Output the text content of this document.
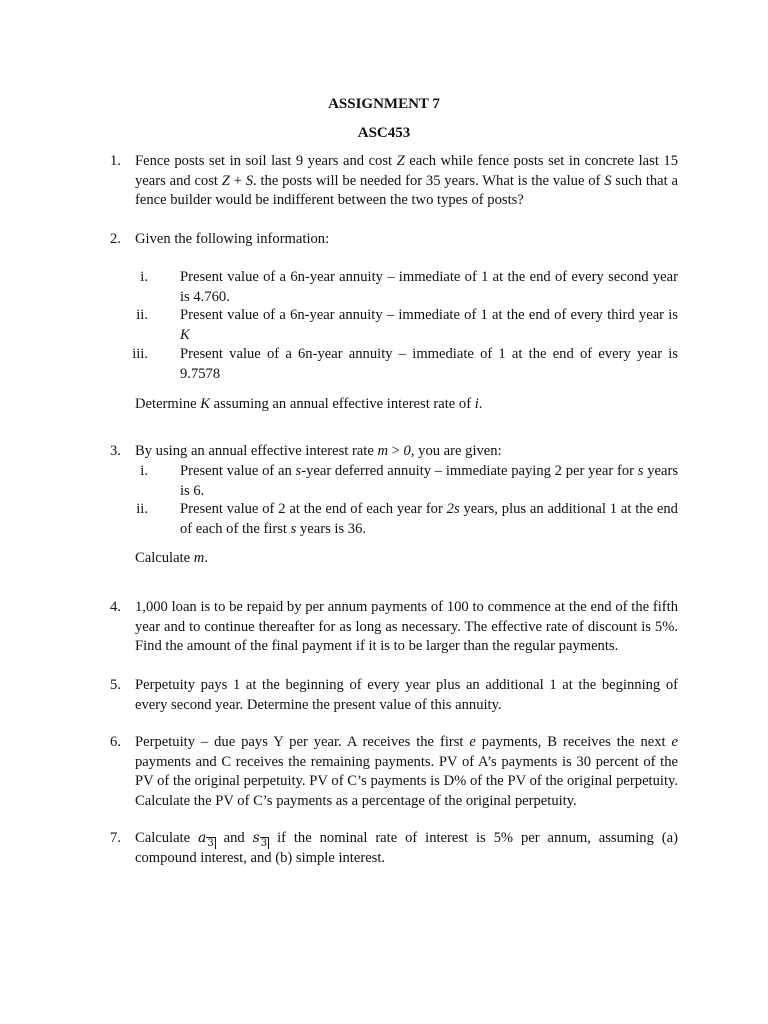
ASSIGNMENT 7
ASC453
1. Fence posts set in soil last 9 years and cost Z each while fence posts set in concrete last 15 years and cost Z + S. the posts will be needed for 35 years. What is the value of S such that a fence builder would be indifferent between the two types of posts?
2. Given the following information:
i. Present value of a 6n-year annuity – immediate of 1 at the end of every second year is 4.760.
ii. Present value of a 6n-year annuity – immediate of 1 at the end of every third year is K
iii. Present value of a 6n-year annuity – immediate of 1 at the end of every year is 9.7578
Determine K assuming an annual effective interest rate of i.
3. By using an annual effective interest rate m > 0, you are given:
i. Present value of an s-year deferred annuity – immediate paying 2 per year for s years is 6.
ii. Present value of 2 at the end of each year for 2s years, plus an additional 1 at the end of each of the first s years is 36.
Calculate m.
4. 1,000 loan is to be repaid by per annum payments of 100 to commence at the end of the fifth year and to continue thereafter for as long as necessary. The effective rate of discount is 5%. Find the amount of the final payment if it is to be larger than the regular payments.
5. Perpetuity pays 1 at the beginning of every year plus an additional 1 at the beginning of every second year. Determine the present value of this annuity.
6. Perpetuity – due pays Y per year. A receives the first e payments, B receives the next e payments and C receives the remaining payments. PV of A’s payments is 30 percent of the PV of the original perpetuity. PV of C’s payments is D% of the PV of the original perpetuity. Calculate the PV of C’s payments as a percentage of the original perpetuity.
7. Calculate $a_3$ and $s_3$ if the nominal rate of interest is 5% per annum, assuming (a) compound interest, and (b) simple interest.
